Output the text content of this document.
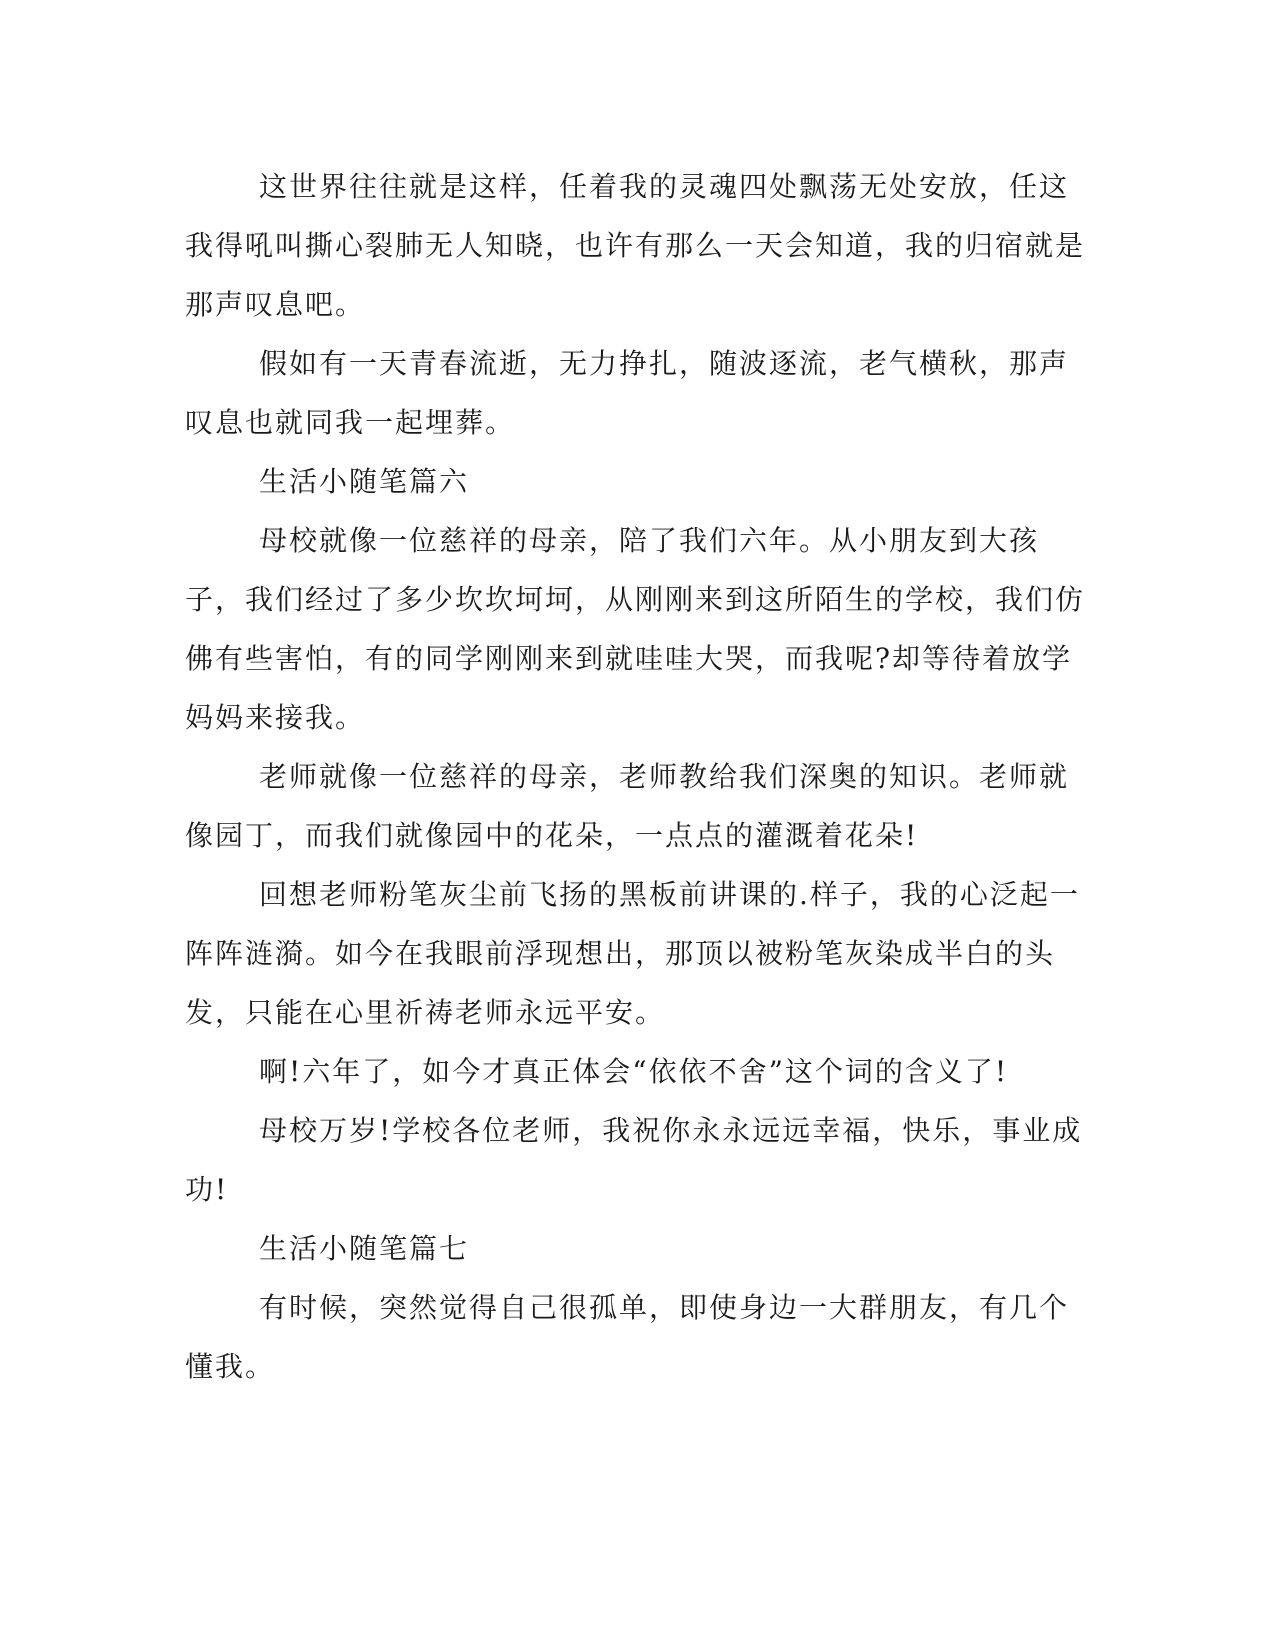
这世界往往就是这样，任着我的灵魂四处飘荡无处安放，任这我得吼叫撕心裂肺无人知晓，也许有那么一天会知道，我的归宿就是那声叹息吧。

假如有一天青春流逝，无力挣扎，随波逐流，老气横秋，那声叹息也就同我一起埋葬。

生活小随笔篇六

母校就像一位慈祥的母亲，陪了我们六年。从小朋友到大孩子，我们经过了多少坎坎坷坷，从刚刚来到这所陌生的学校，我们仿佛有些害怕，有的同学刚刚来到就哇哇大哭，而我呢?却等待着放学妈妈来接我。

老师就像一位慈祥的母亲，老师教给我们深奥的知识。老师就像园丁，而我们就像园中的花朵，一点点的灌溉着花朵!

回想老师粉笔灰尘前飞扬的黑板前讲课的.样子，我的心泛起一阵阵涟漪。如今在我眼前浮现想出，那顶以被粉笔灰染成半白的头发，只能在心里祈祷老师永远平安。

啊!六年了，如今才真正体会“依依不舍”这个词的含义了!

母校万岁!学校各位老师，我祝你永永远远幸福，快乐，事业成功!

生活小随笔篇七

有时候，突然觉得自己很孤单，即使身边一大群朋友，有几个懂我。
